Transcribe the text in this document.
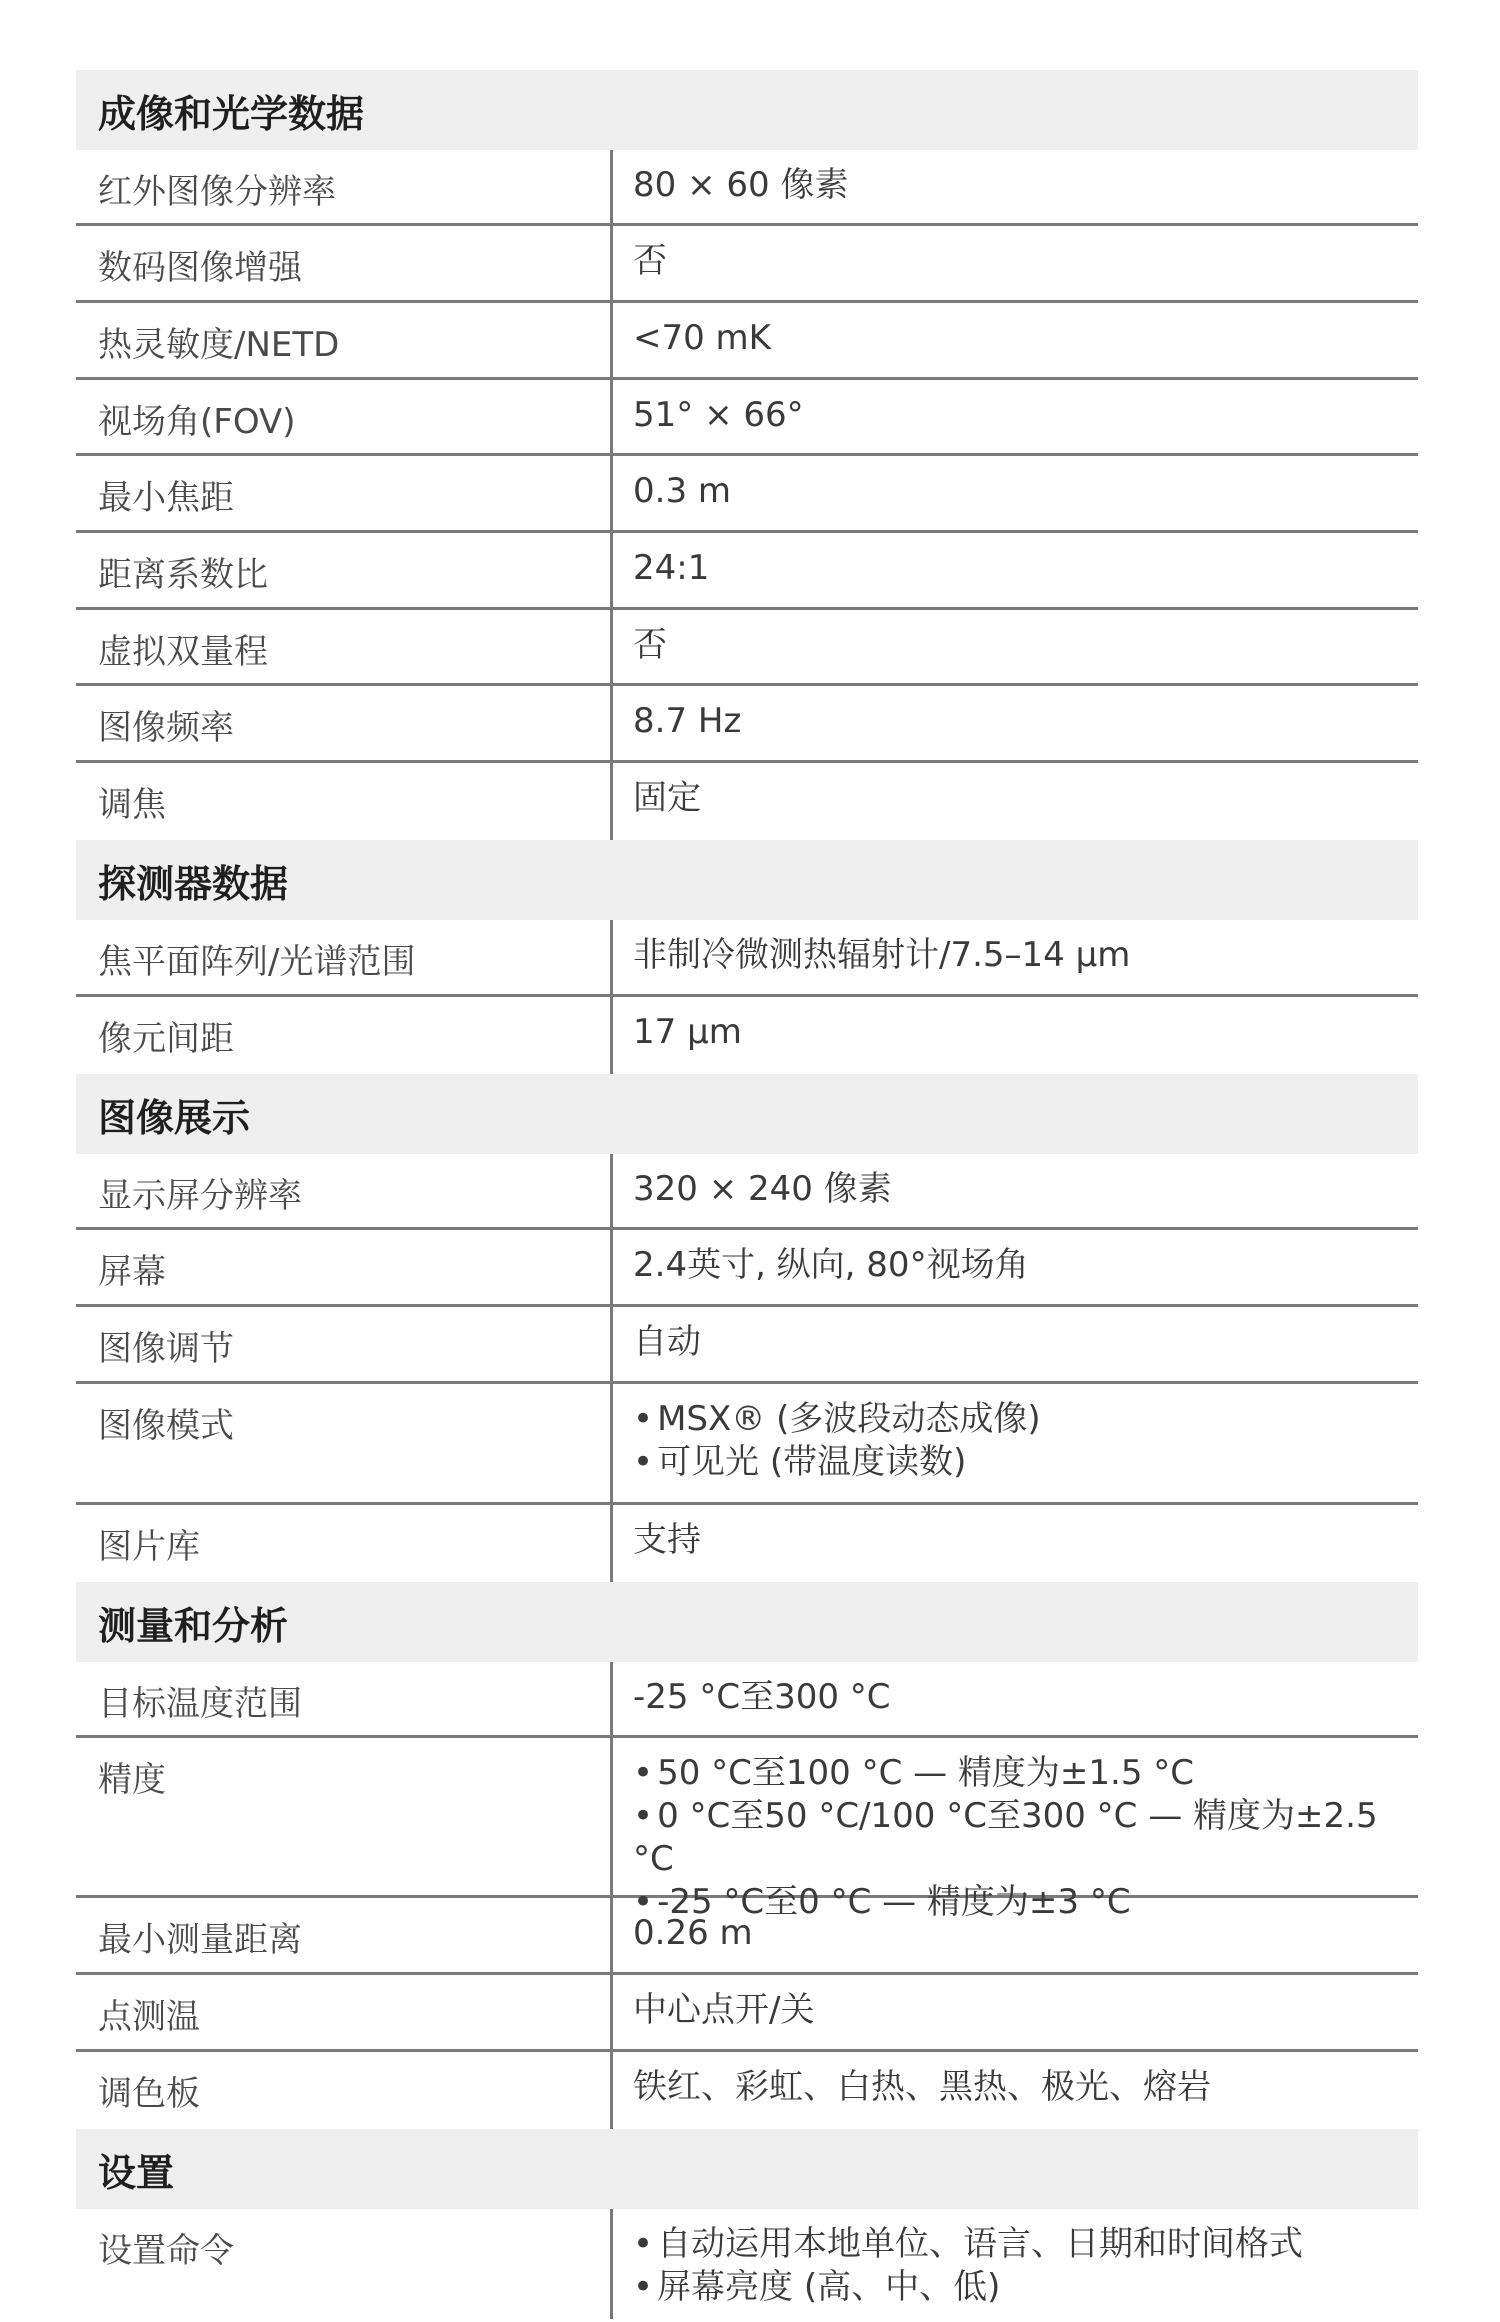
成像和光学数据
红外图像分辨率	80 × 60 像素
数码图像增强	否
热灵敏度/NETD	<70 mK
视场角(FOV)	51° × 66°
最小焦距	0.3 m
距离系数比	24:1
虚拟双量程	否
图像频率	8.7 Hz
调焦	固定
探测器数据
焦平面阵列/光谱范围	非制冷微测热辐射计/7.5–14 μm
像元间距	17 μm
图像展示
显示屏分辨率	320 × 240 像素
屏幕	2.4英寸, 纵向, 80°视场角
图像调节	自动
图像模式	• MSX® (多波段动态成像)
• 可见光 (带温度读数)
图片库	支持
测量和分析
目标温度范围	-25 °C至300 °C
精度	• 50 °C至100 °C — 精度为±1.5 °C
• 0 °C至50 °C/100 °C至300 °C — 精度为±2.5 °C
• -25 °C至0 °C — 精度为±3 °C
最小测量距离	0.26 m
点测温	中心点开/关
调色板	铁红、彩虹、白热、黑热、极光、熔岩
设置
设置命令	• 自动运用本地单位、语言、日期和时间格式
• 屏幕亮度 (高、中、低)
